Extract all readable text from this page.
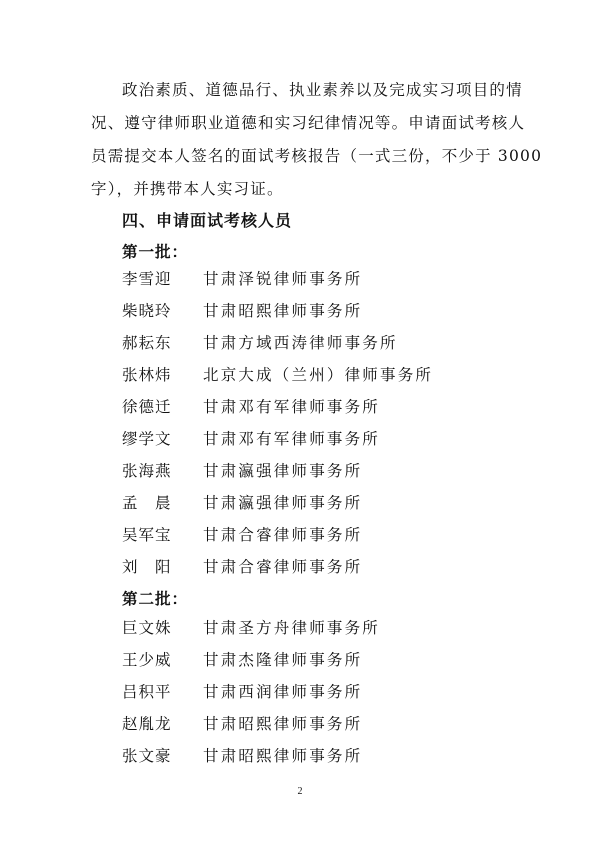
政治素质、道德品行、执业素养以及完成实习项目的情
况、遵守律师职业道德和实习纪律情况等。申请面试考核人
员需提交本人签名的面试考核报告（一式三份，不少于 3000
字），并携带本人实习证。
四、申请面试考核人员
第一批：
李雪迎	甘肃泽锐律师事务所
柴晓玲	甘肃昭熙律师事务所
郝耘东	甘肃方域西涛律师事务所
张林炜	北京大成（兰州）律师事务所
徐德迁	甘肃邓有军律师事务所
缪学文	甘肃邓有军律师事务所
张海燕	甘肃瀛强律师事务所
孟　晨	甘肃瀛强律师事务所
吴军宝	甘肃合睿律师事务所
刘　阳	甘肃合睿律师事务所
第二批：
巨文姝	甘肃圣方舟律师事务所
王少威	甘肃杰隆律师事务所
吕积平	甘肃西润律师事务所
赵胤龙	甘肃昭熙律师事务所
张文豪	甘肃昭熙律师事务所
2
